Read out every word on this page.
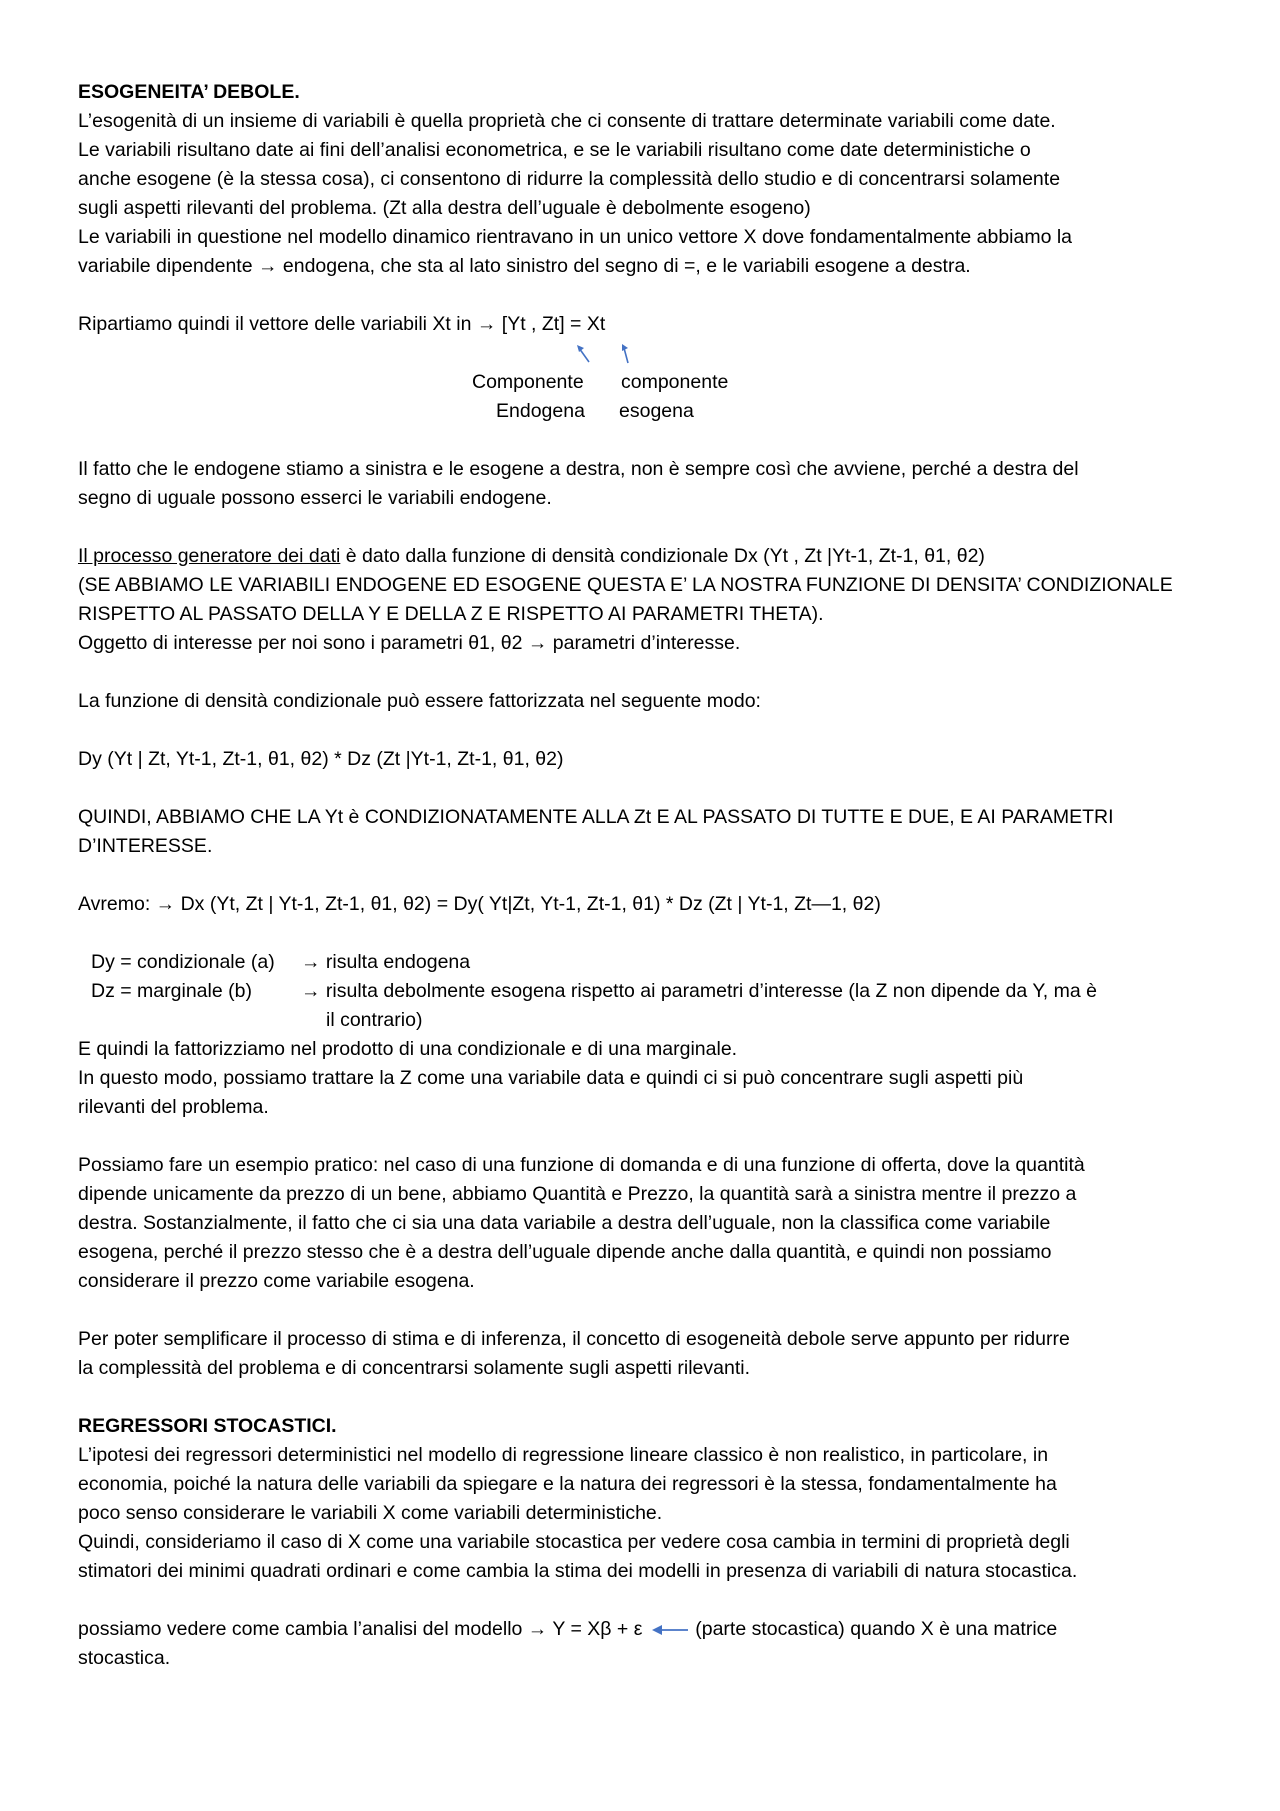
ESOGENEITA’ DEBOLE.
L’esogenità di un insieme di variabili è quella proprietà che ci consente di trattare determinate variabili come date.
Le variabili risultano date ai fini dell’analisi econometrica, e se le variabili risultano come date deterministiche o
anche esogene (è la stessa cosa), ci consentono di ridurre la complessità dello studio e di concentrarsi solamente
sugli aspetti rilevanti del problema. (Zt alla destra dell’uguale è debolmente esogeno)
Le variabili in questione nel modello dinamico rientravano in un unico vettore X dove fondamentalmente abbiamo la
variabile dipendente → endogena, che sta al lato sinistro del segno di =, e le variabili esogene a destra.
Ripartiamo quindi il vettore delle variabili Xt in → [Yt , Zt] = Xt
Componente
Endogena
componente
esogena
Il fatto che le endogene stiamo a sinistra e le esogene a destra, non è sempre così che avviene, perché a destra del
segno di uguale possono esserci le variabili endogene.
Il processo generatore dei dati è dato dalla funzione di densità condizionale Dx (Yt , Zt |Yt-1, Zt-1, θ1, θ2)
(SE ABBIAMO LE VARIABILI ENDOGENE ED ESOGENE QUESTA E’ LA NOSTRA FUNZIONE DI DENSITA’ CONDIZIONALE
RISPETTO AL PASSATO DELLA Y E DELLA Z E RISPETTO AI PARAMETRI THETA).
Oggetto di interesse per noi sono i parametri θ1, θ2 → parametri d’interesse.
La funzione di densità condizionale può essere fattorizzata nel seguente modo:
Dy (Yt | Zt, Yt-1, Zt-1, θ1, θ2) * Dz (Zt |Yt-1, Zt-1, θ1, θ2)
QUINDI, ABBIAMO CHE LA Yt è CONDIZIONATAMENTE ALLA Zt E AL PASSATO DI TUTTE E DUE, E AI PARAMETRI
D’INTERESSE.
Avremo: → Dx (Yt, Zt | Yt-1, Zt-1, θ1, θ2) = Dy( Yt|Zt, Yt-1, Zt-1, θ1) * Dz (Zt | Yt-1, Zt—1, θ2)
Dy = condizionale (a) → risulta endogena
Dz = marginale (b)	→ risulta debolmente esogena rispetto ai parametri d’interesse (la Z non dipende da Y, ma è
il contrario)
E quindi la fattorizziamo nel prodotto di una condizionale e di una marginale.
In questo modo, possiamo trattare la Z come una variabile data e quindi ci si può concentrare sugli aspetti più
rilevanti del problema.
Possiamo fare un esempio pratico: nel caso di una funzione di domanda e di una funzione di offerta, dove la quantità
dipende unicamente da prezzo di un bene, abbiamo Quantità e Prezzo, la quantità sarà a sinistra mentre il prezzo a
destra. Sostanzialmente, il fatto che ci sia una data variabile a destra dell’uguale, non la classifica come variabile
esogena, perché il prezzo stesso che è a destra dell’uguale dipende anche dalla quantità, e quindi non possiamo
considerare il prezzo come variabile esogena.
Per poter semplificare il processo di stima e di inferenza, il concetto di esogeneità debole serve appunto per ridurre
la complessità del problema e di concentrarsi solamente sugli aspetti rilevanti.
REGRESSORI STOCASTICI.
L’ipotesi dei regressori deterministici nel modello di regressione lineare classico è non realistico, in particolare, in
economia, poiché la natura delle variabili da spiegare e la natura dei regressori è la stessa, fondamentalmente ha
poco senso considerare le variabili X come variabili deterministiche.
Quindi, consideriamo il caso di X come una variabile stocastica per vedere cosa cambia in termini di proprietà degli
stimatori dei minimi quadrati ordinari e come cambia la stima dei modelli in presenza di variabili di natura stocastica.
possiamo vedere come cambia l’analisi del modello → Y = Xβ + ε  (parte stocastica) quando X è una matrice
stocastica.
